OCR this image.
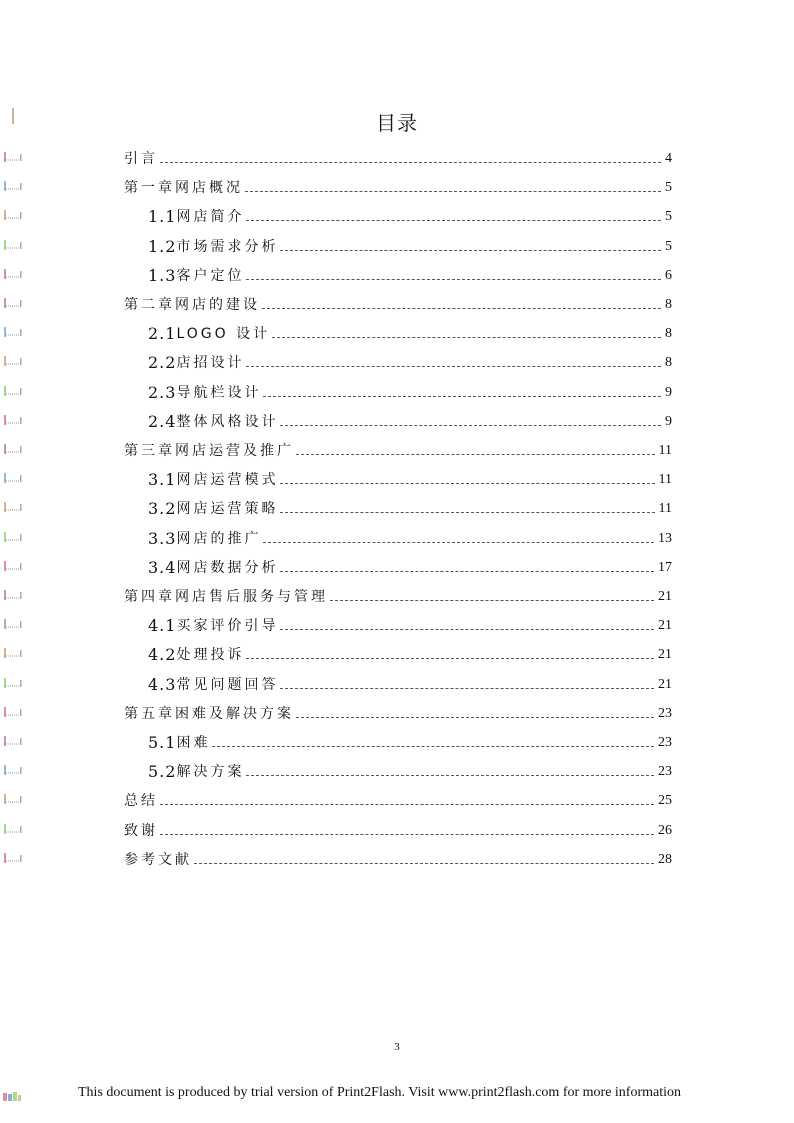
目录
引言	4
第一章网店概况	5
1.1 网店简介	5
1.2 市场需求分析	5
1.3 客户定位	6
第二章网店的建设	8
2.1 LOGO 设计	8
2.2 店招设计	8
2.3 导航栏设计	9
2.4 整体风格设计	9
第三章网店运营及推广	11
3.1 网店运营模式	11
3.2 网店运营策略	11
3.3 网店的推广	13
3.4 网店数据分析	17
第四章网店售后服务与管理	21
4.1 买家评价引导	21
4.2 处理投诉	21
4.3 常见问题回答	21
第五章困难及解决方案	23
5.1 困难	23
5.2 解决方案	23
总结	25
致谢	26
参考文献	28
3
This document is produced by trial version of Print2Flash. Visit www.print2flash.com for more information
